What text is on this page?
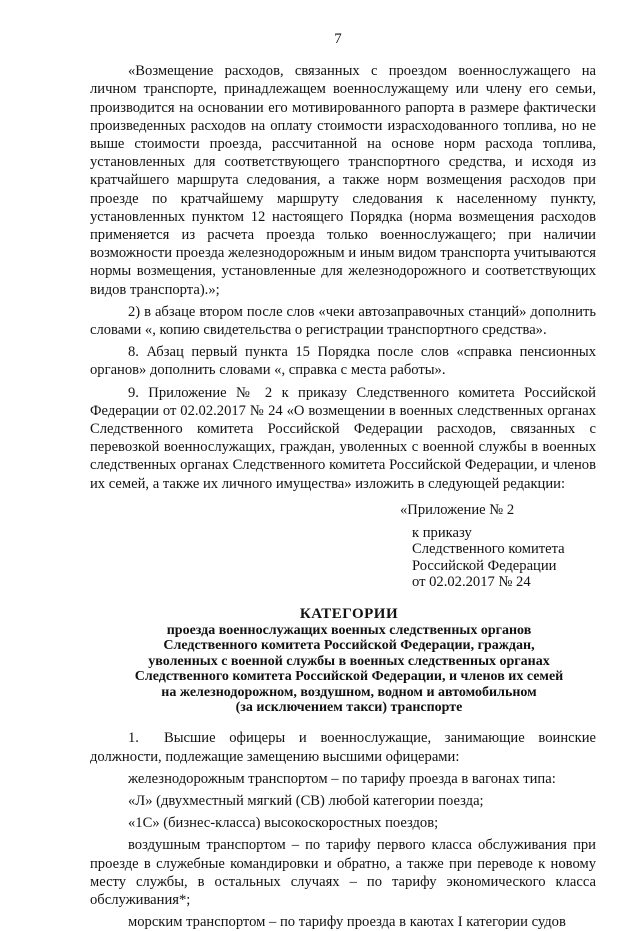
7

«Возмещение расходов, связанных с проездом военнослужащего на личном транспорте, принадлежащем военнослужащему или члену его семьи, производится на основании его мотивированного рапорта в размере фактически произведенных расходов на оплату стоимости израсходованного топлива, но не выше стоимости проезда, рассчитанной на основе норм расхода топлива, установленных для соответствующего транспортного средства, и исходя из кратчайшего маршрута следования, а также норм возмещения расходов при проезде по кратчайшему маршруту следования к населенному пункту, установленных пунктом 12 настоящего Порядка (норма возмещения расходов применяется из расчета проезда только военнослужащего; при наличии возможности проезда железнодорожным и иным видом транспорта учитываются нормы возмещения, установленные для железнодорожного и соответствующих видов транспорта).»;

2) в абзаце втором после слов «чеки автозаправочных станций» дополнить словами «, копию свидетельства о регистрации транспортного средства».

8. Абзац первый пункта 15 Порядка после слов «справка пенсионных органов» дополнить словами «, справка с места работы».

9. Приложение № 2 к приказу Следственного комитета Российской Федерации от 02.02.2017 № 24 «О возмещении в военных следственных органах Следственного комитета Российской Федерации расходов, связанных с перевозкой военнослужащих, граждан, уволенных с военной службы в военных следственных органах Следственного комитета Российской Федерации, и членов их семей, а также их личного имущества» изложить в следующей редакции:

«Приложение № 2
к приказу
Следственного комитета
Российской Федерации
от 02.02.2017 № 24
КАТЕГОРИИ
проезда военнослужащих военных следственных органов
Следственного комитета Российской Федерации, граждан,
уволенных с военной службы в военных следственных органах
Следственного комитета Российской Федерации, и членов их семей
на железнодорожном, воздушном, водном и автомобильном
(за исключением такси) транспорте

1. Высшие офицеры и военнослужащие, занимающие воинские должности, подлежащие замещению высшими офицерами:

железнодорожным транспортом – по тарифу проезда в вагонах типа:

«Л» (двухместный мягкий (СВ) любой категории поезда;

«1С» (бизнес-класса) высокоскоростных поездов;

воздушным транспортом – по тарифу первого класса обслуживания при проезде в служебные командировки и обратно, а также при переводе к новому месту службы, в остальных случаях – по тарифу экономического класса обслуживания*;

морским транспортом – по тарифу проезда в каютах I категории судов
